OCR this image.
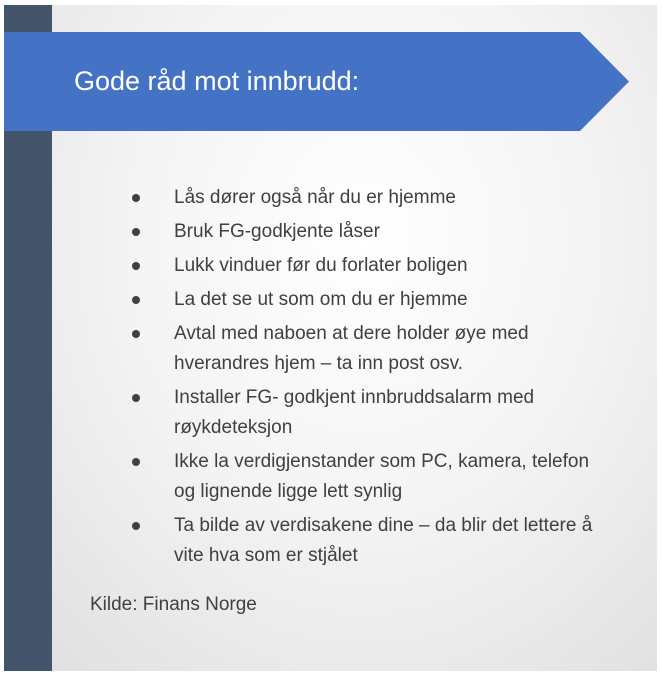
Gode råd mot innbrudd:
Lås dører også når du er hjemme
Bruk FG-godkjente låser
Lukk vinduer før du forlater boligen
La det se ut som om du er hjemme
Avtal med naboen at dere holder øye med hverandres hjem – ta inn post osv.
Installer FG- godkjent innbruddsalarm med røykdeteksjon
Ikke la verdigjenstander som PC, kamera, telefon og lignende ligge lett synlig
Ta bilde av verdisakene dine – da blir det lettere å vite hva som er stjålet
Kilde: Finans Norge
